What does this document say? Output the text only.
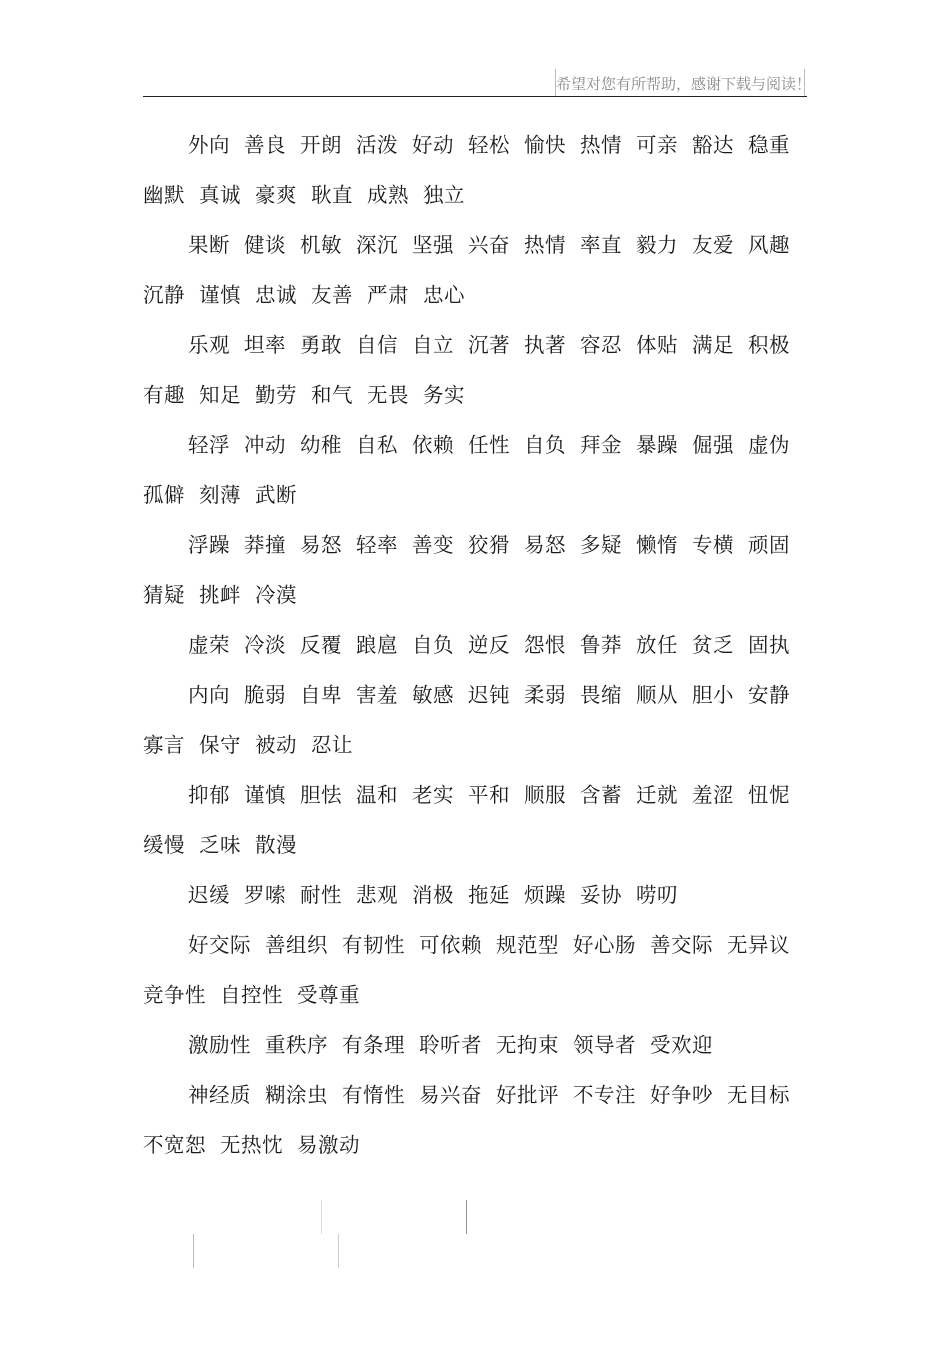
希望对您有所帮助，感谢下载与阅读！

外向 善良 开朗 活泼 好动 轻松 愉快 热情 可亲 豁达 稳重幽默 真诚 豪爽 耿直 成熟 独立

果断 健谈 机敏 深沉 坚强 兴奋 热情 率直 毅力 友爱 风趣沉静 谨慎 忠诚 友善 严肃 忠心

乐观 坦率 勇敢 自信 自立 沉著 执著 容忍 体贴 满足 积极有趣 知足 勤劳 和气 无畏 务实

轻浮 冲动 幼稚 自私 依赖 任性 自负 拜金 暴躁 倔强 虚伪孤僻 刻薄 武断

浮躁 莽撞 易怒 轻率 善变 狡猾 易怒 多疑 懒惰 专横 顽固猜疑 挑衅 冷漠

虚荣 冷淡 反覆 踉扈 自负 逆反 怨恨 鲁莽 放任 贫乏 固执

内向 脆弱 自卑 害羞 敏感 迟钝 柔弱 畏缩 顺从 胆小 安静寡言 保守 被动 忍让

抑郁 谨慎 胆怯 温和 老实 平和 顺服 含蓄 迁就 羞涩 忸怩缓慢 乏味 散漫

迟缓 罗嗦 耐性 悲观 消极 拖延 烦躁 妥协 唠叨

好交际 善组织 有韧性 可依赖 规范型 好心肠 善交际 无异议竞争性 自控性 受尊重

激励性 重秩序 有条理 聆听者 无拘束 领导者 受欢迎

神经质 糊涂虫 有惰性 易兴奋 好批评 不专注 好争吵 无目标不宽恕 无热忱 易激动
